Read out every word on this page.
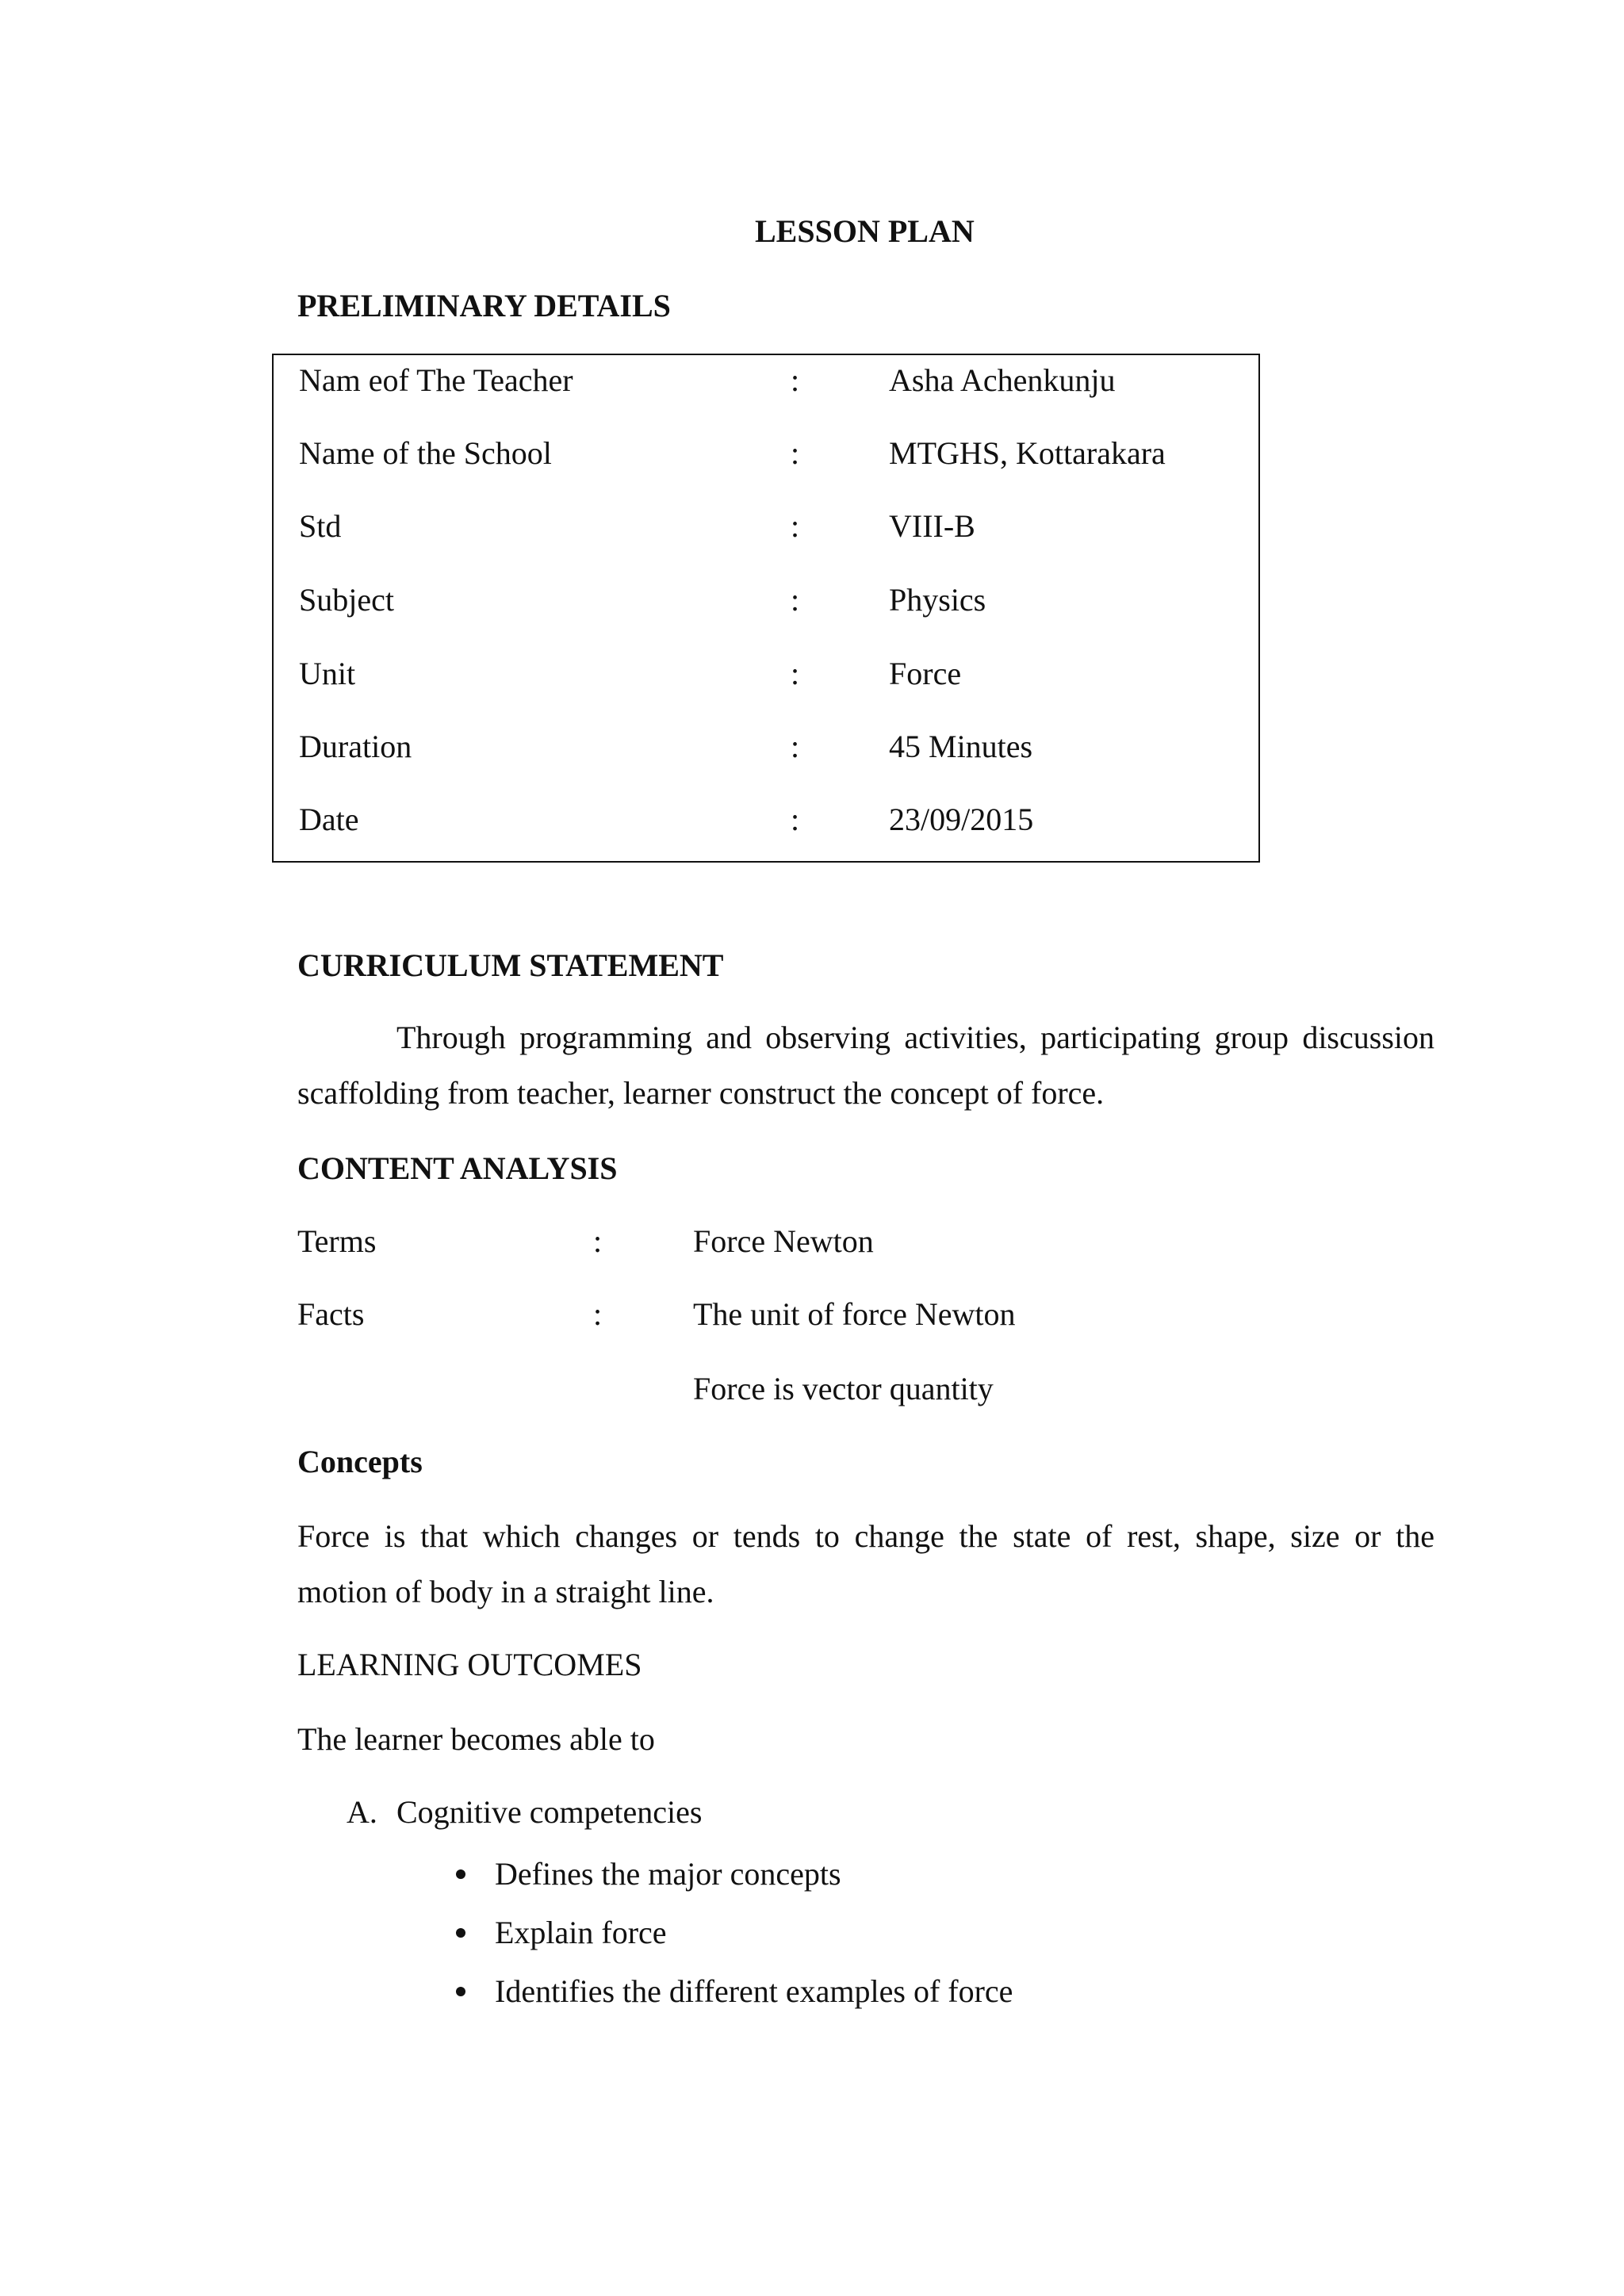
LESSON PLAN
PRELIMINARY DETAILS
Nam eof The Teacher	:	Asha Achenkunju
Name of the School	:	MTGHS, Kottarakara
Std	:	VIII-B
Subject	:	Physics
Unit	:	Force
Duration	:	45 Minutes
Date	:	23/09/2015
CURRICULUM STATEMENT
Through programming and observing activities, participating group discussion
scaffolding from teacher, learner construct the concept of force.
CONTENT ANALYSIS
Terms	:	Force Newton
Facts	:	The unit of force Newton
Force is vector quantity
Concepts
Force is that which changes or tends to change the state of rest, shape, size or the
motion of body in a straight line.
LEARNING OUTCOMES
The learner becomes able to
A. Cognitive competencies
Defines the major concepts
Explain force
Identifies the different examples of force
